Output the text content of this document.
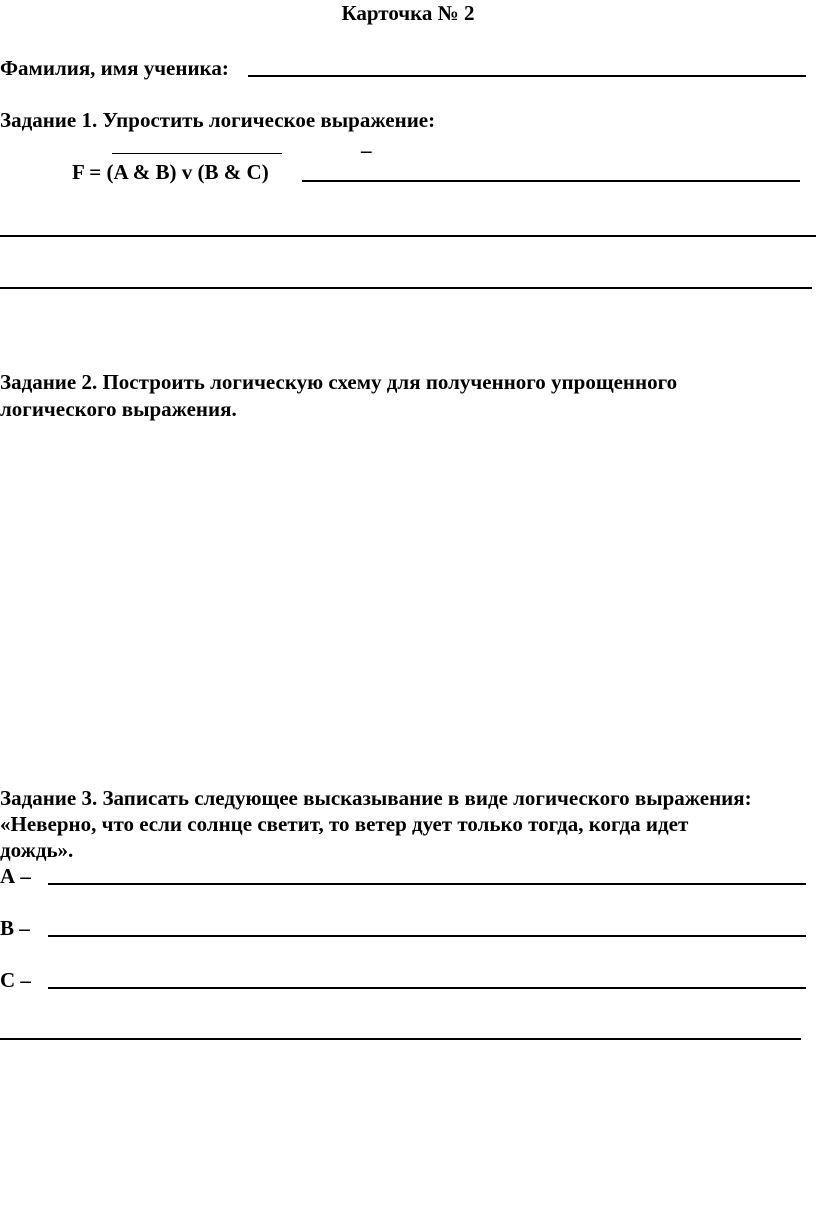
Карточка № 2
Фамилия, имя ученика:
Задание 1. Упростить логическое выражение:
F = (A & B) v (B & C)
_
Задание 2. Построить логическую схему для полученного упрощенного
логического выражения.
Задание 3. Записать следующее высказывание в виде логического выражения:
«Неверно, что если солнце светит, то ветер дует только тогда, когда идет
дождь».
А –
В –
С –
